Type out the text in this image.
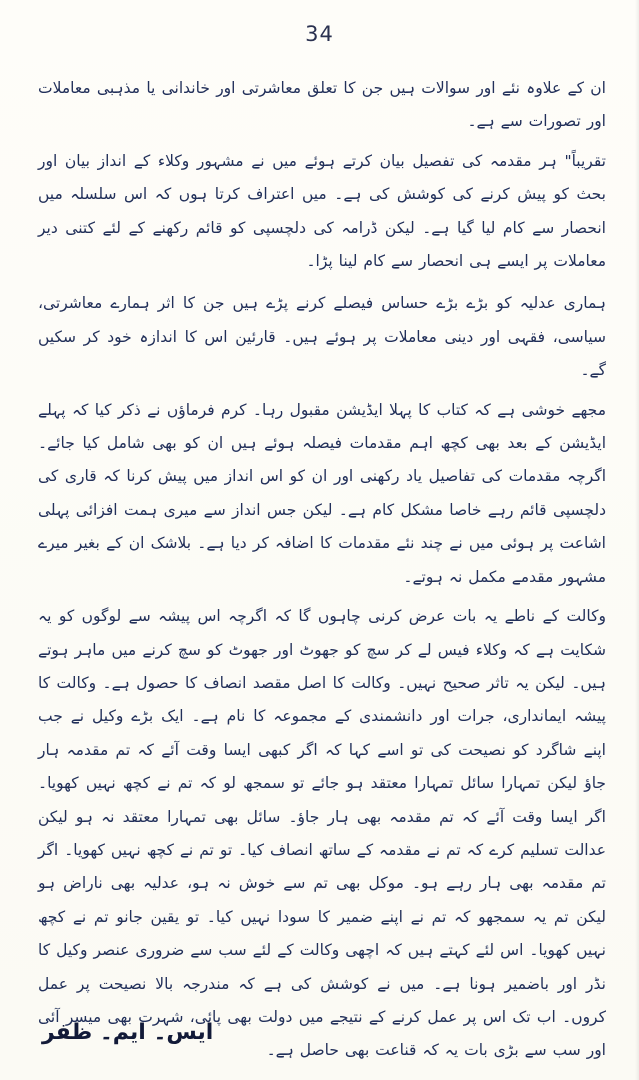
34

ان کے علاوہ نئے اور سوالات ہیں جن کا تعلق معاشرتی اور خاندانی یا مذہبی معاملات اور تصورات سے ہے۔

تقریباً" ہر مقدمہ کی تفصیل بیان کرتے ہوئے میں نے مشہور وکلاء کے انداز بیان اور بحث کو پیش کرنے کی کوشش کی ہے۔ میں اعتراف کرتا ہوں کہ اس سلسلہ میں انحصار سے کام لیا گیا ہے۔ لیکن ڈرامہ کی دلچسپی کو قائم رکھنے کے لئے کتنی دیر معاملات پر ایسے ہی انحصار سے کام لینا پڑا۔

ہماری عدلیہ کو بڑے بڑے حساس فیصلے کرنے پڑے ہیں جن کا اثر ہمارے معاشرتی، سیاسی، فقہی اور دینی معاملات پر ہوئے ہیں۔ قارئین اس کا اندازہ خود کر سکیں گے۔

مجھے خوشی ہے کہ کتاب کا پہلا ایڈیشن مقبول رہا۔ کرم فرماؤں نے ذکر کیا کہ پہلے ایڈیشن کے بعد بھی کچھ اہم مقدمات فیصلہ ہوئے ہیں ان کو بھی شامل کیا جائے۔ اگرچہ مقدمات کی تفاصیل یاد رکھنی اور ان کو اس انداز میں پیش کرنا کہ قاری کی دلچسپی قائم رہے خاصا مشکل کام ہے۔ لیکن جس انداز سے میری ہمت افزائی پہلی اشاعت پر ہوئی میں نے چند نئے مقدمات کا اضافہ کر دیا ہے۔ بلاشک ان کے بغیر میرے مشہور مقدمے مکمل نہ ہوتے۔

وکالت کے ناطے یہ بات عرض کرنی چاہوں گا کہ اگرچہ اس پیشہ سے لوگوں کو یہ شکایت ہے کہ وکلاء فیس لے کر سچ کو جھوٹ اور جھوٹ کو سچ کرنے میں ماہر ہوتے ہیں۔ لیکن یہ تاثر صحیح نہیں۔ وکالت کا اصل مقصد انصاف کا حصول ہے۔ وکالت کا پیشہ ایمانداری، جرات اور دانشمندی کے مجموعہ کا نام ہے۔ ایک بڑے وکیل نے جب اپنے شاگرد کو نصیحت کی تو اسے کہا کہ اگر کبھی ایسا وقت آئے کہ تم مقدمہ ہار جاؤ لیکن تمہارا سائل تمہارا معتقد ہو جائے تو سمجھ لو کہ تم نے کچھ نہیں کھویا۔ اگر ایسا وقت آئے کہ تم مقدمہ بھی ہار جاؤ۔ سائل بھی تمہارا معتقد نہ ہو لیکن عدالت تسلیم کرے کہ تم نے مقدمہ کے ساتھ انصاف کیا۔ تو تم نے کچھ نہیں کھویا۔ اگر تم مقدمہ بھی ہار رہے ہو۔ موکل بھی تم سے خوش نہ ہو، عدلیہ بھی ناراض ہو لیکن تم یہ سمجھو کہ تم نے اپنے ضمیر کا سودا نہیں کیا۔ تو یقین جانو تم نے کچھ نہیں کھویا۔ اس لئے کہتے ہیں کہ اچھی وکالت کے لئے سب سے ضروری عنصر وکیل کا نڈر اور باضمیر ہونا ہے۔ میں نے کوشش کی ہے کہ مندرجہ بالا نصیحت پر عمل کروں۔ اب تک اس پر عمل کرنے کے نتیجے میں دولت بھی پائی، شہرت بھی میسر آئی اور سب سے بڑی بات یہ کہ قناعت بھی حاصل ہے۔

ایس۔ ایم۔ ظفر
